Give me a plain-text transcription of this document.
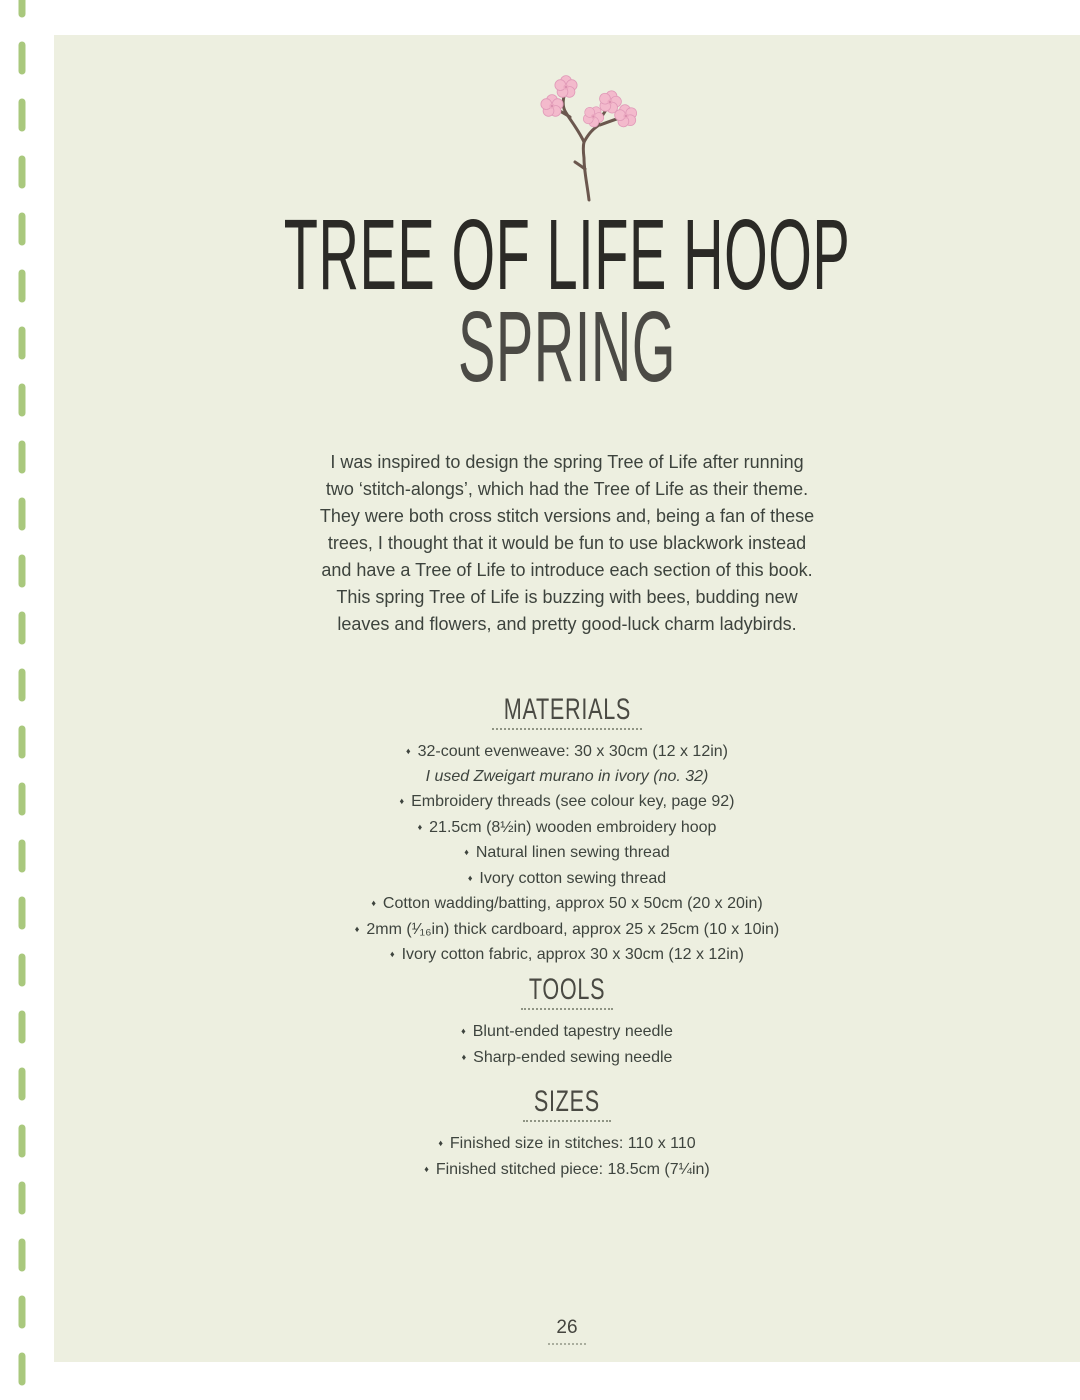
TREE OF LIFE HOOP
SPRING

I was inspired to design the spring Tree of Life after running
two ‘stitch-alongs’, which had the Tree of Life as their theme.
They were both cross stitch versions and, being a fan of these
trees, I thought that it would be fun to use blackwork instead
and have a Tree of Life to introduce each section of this book.
This spring Tree of Life is buzzing with bees, budding new
leaves and flowers, and pretty good-luck charm ladybirds.

MATERIALS
♦ 32-count evenweave: 30 x 30cm (12 x 12in)
I used Zweigart murano in ivory (no. 32)
♦ Embroidery threads (see colour key, page 92)
♦ 21.5cm (8½in) wooden embroidery hoop
♦ Natural linen sewing thread
♦ Ivory cotton sewing thread
♦ Cotton wadding/batting, approx 50 x 50cm (20 x 20in)
♦ 2mm (¹⁄₁₆in) thick cardboard, approx 25 x 25cm (10 x 10in)
♦ Ivory cotton fabric, approx 30 x 30cm (12 x 12in)
TOOLS
♦ Blunt-ended tapestry needle
♦ Sharp-ended sewing needle
SIZES
♦ Finished size in stitches: 110 x 110
♦ Finished stitched piece: 18.5cm (7¼in)
26
